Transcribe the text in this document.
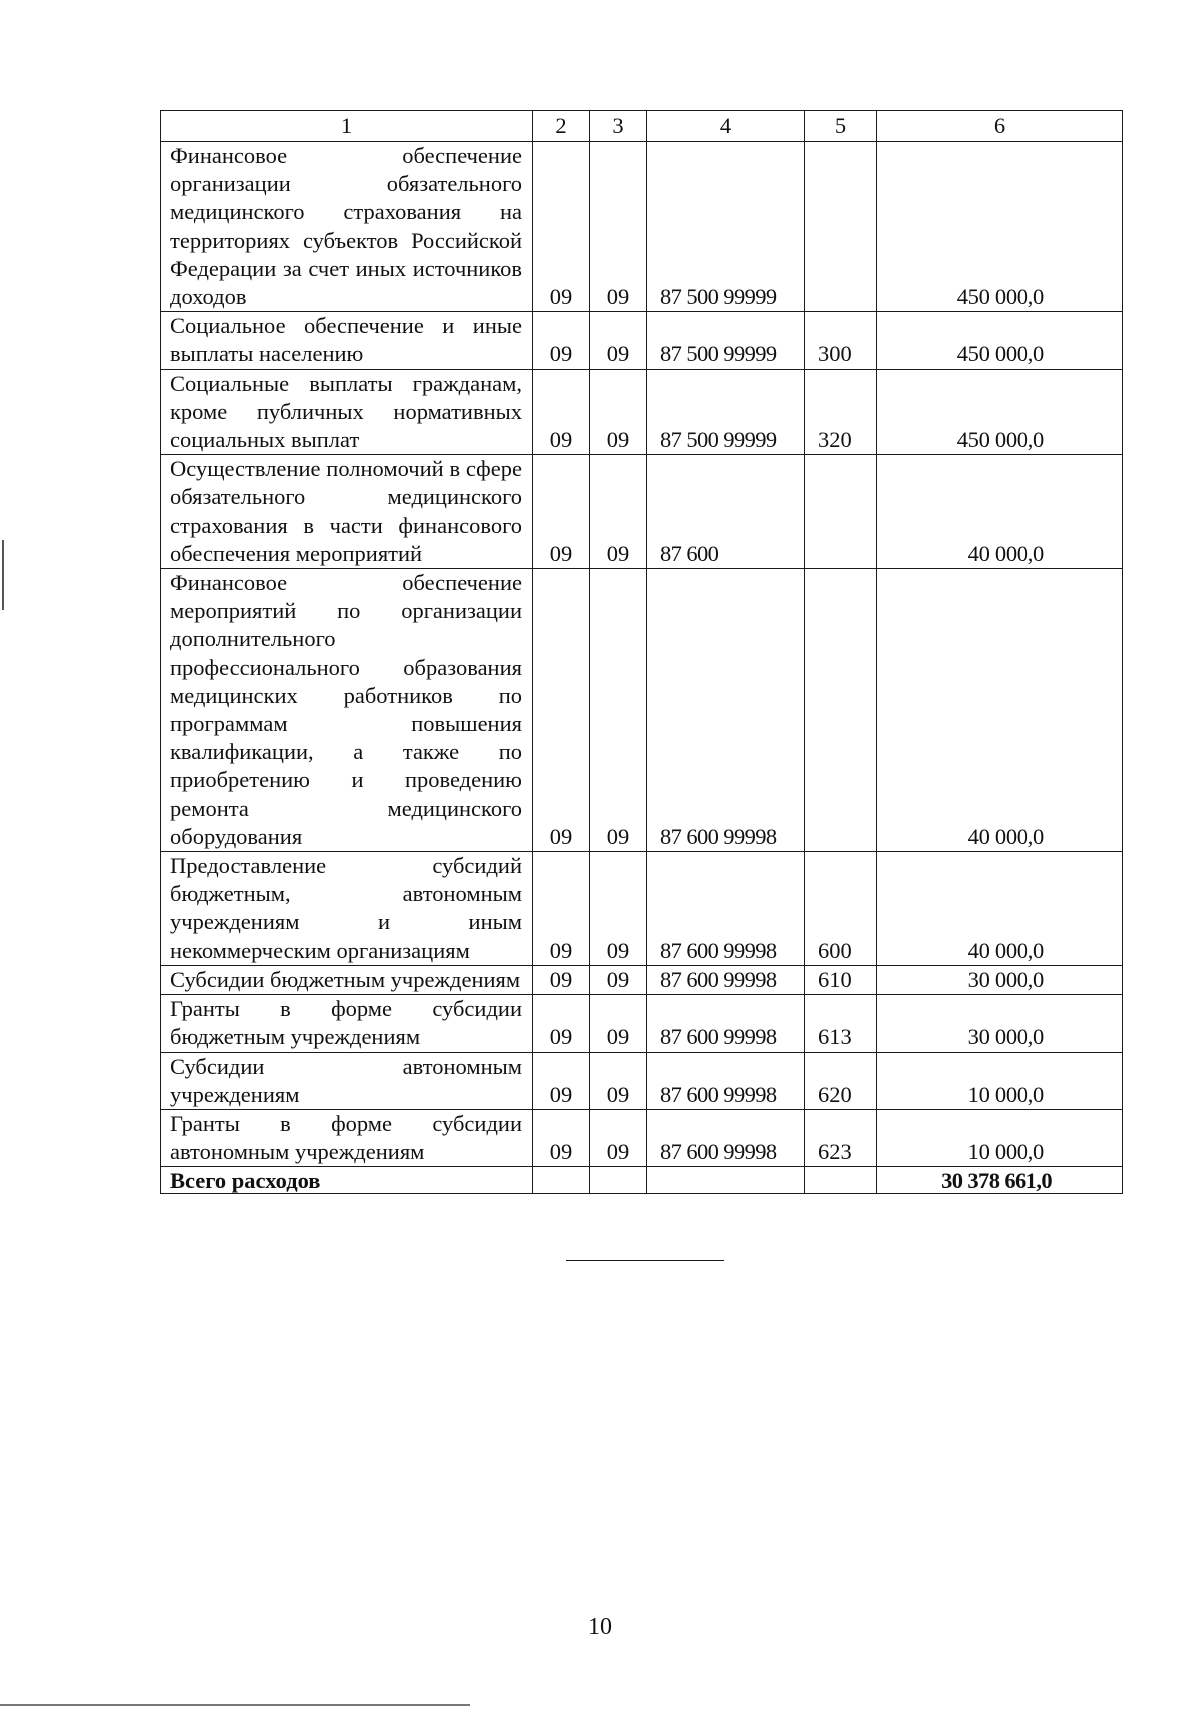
1	2	3	4	5	6
Финансовое обеспечение организации обязательного медицинского страхования на территориях субъектов Российской Федерации за счет иных источников доходов	09	09	87 500 99999		450 000,0
Социальное обеспечение и иные выплаты населению	09	09	87 500 99999	300	450 000,0
Социальные выплаты гражданам, кроме публичных нормативных социальных выплат	09	09	87 500 99999	320	450 000,0
Осуществление полномочий в сфере обязательного медицинского страхования в части финансового обеспечения мероприятий	09	09	87 600		40 000,0
Финансовое обеспечение мероприятий по организации дополнительного профессионального образования медицинских работников по программам повышения квалификации, а также по приобретению и проведению ремонта медицинского оборудования	09	09	87 600 99998		40 000,0
Предоставление субсидий бюджетным, автономным учреждениям и иным некоммерческим организациям	09	09	87 600 99998	600	40 000,0
Субсидии бюджетным учреждениям	09	09	87 600 99998	610	30 000,0
Гранты в форме субсидии бюджетным учреждениям	09	09	87 600 99998	613	30 000,0
Субсидии автономным учреждениям	09	09	87 600 99998	620	10 000,0
Гранты в форме субсидии автономным учреждениям	09	09	87 600 99998	623	10 000,0
Всего расходов					30 378 661,0
10
